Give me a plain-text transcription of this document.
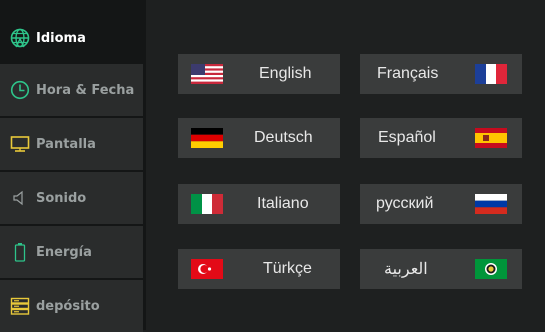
Idioma
Hora & Fecha
Pantalla
Sonido
Energía
depósito
English	Français
Deutsch	Español
Italiano	русский
Türkçe	العربية
